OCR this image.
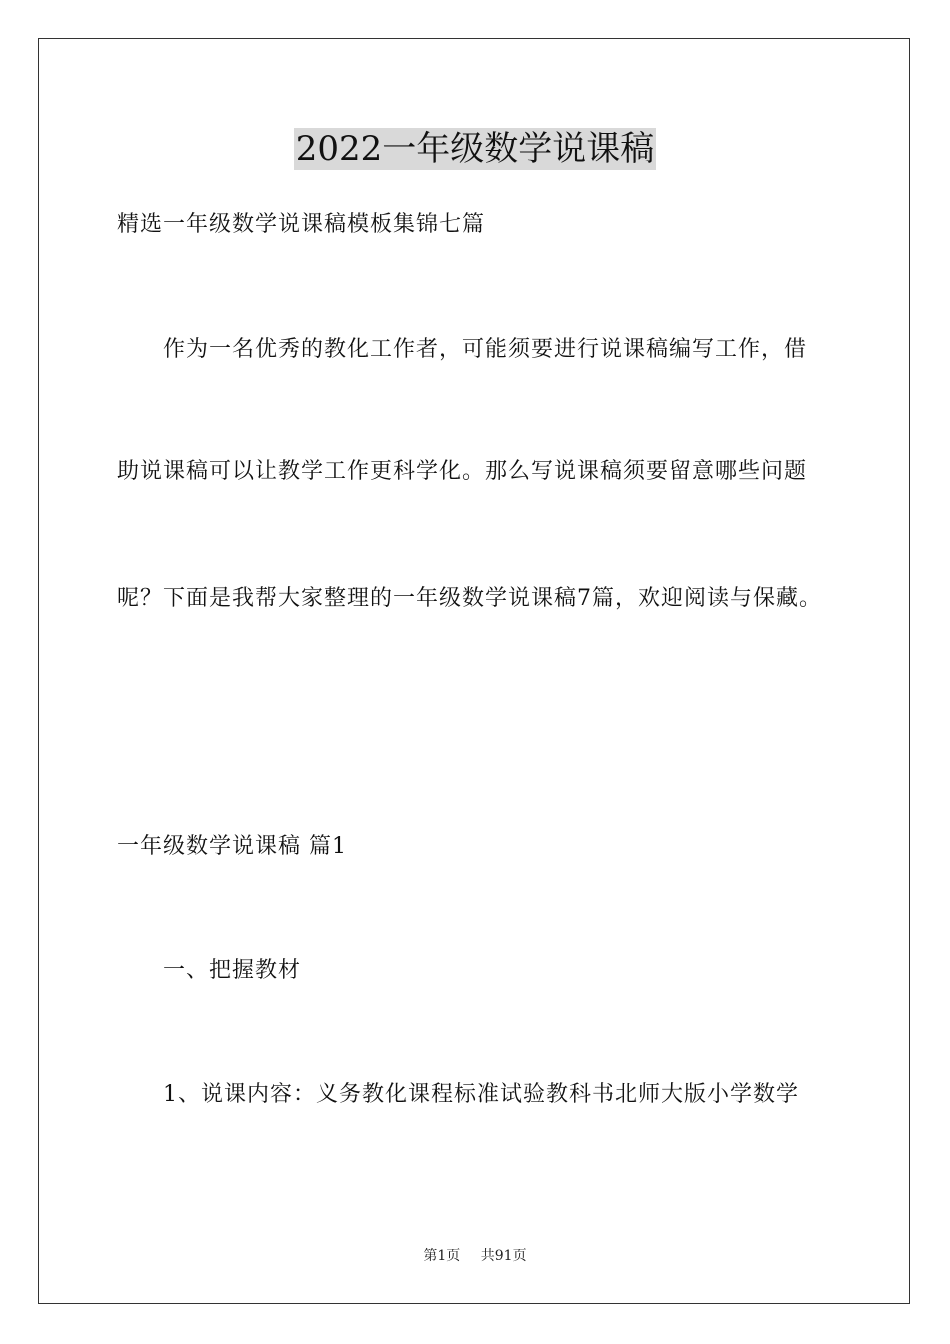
2022一年级数学说课稿
精选一年级数学说课稿模板集锦七篇
作为一名优秀的教化工作者，可能须要进行说课稿编写工作，借
助说课稿可以让教学工作更科学化。那么写说课稿须要留意哪些问题
呢？下面是我帮大家整理的一年级数学说课稿7篇，欢迎阅读与保藏。
一年级数学说课稿 篇1
一、把握教材
1、说课内容：义务教化课程标准试验教科书北师大版小学数学
第1页 共91页
